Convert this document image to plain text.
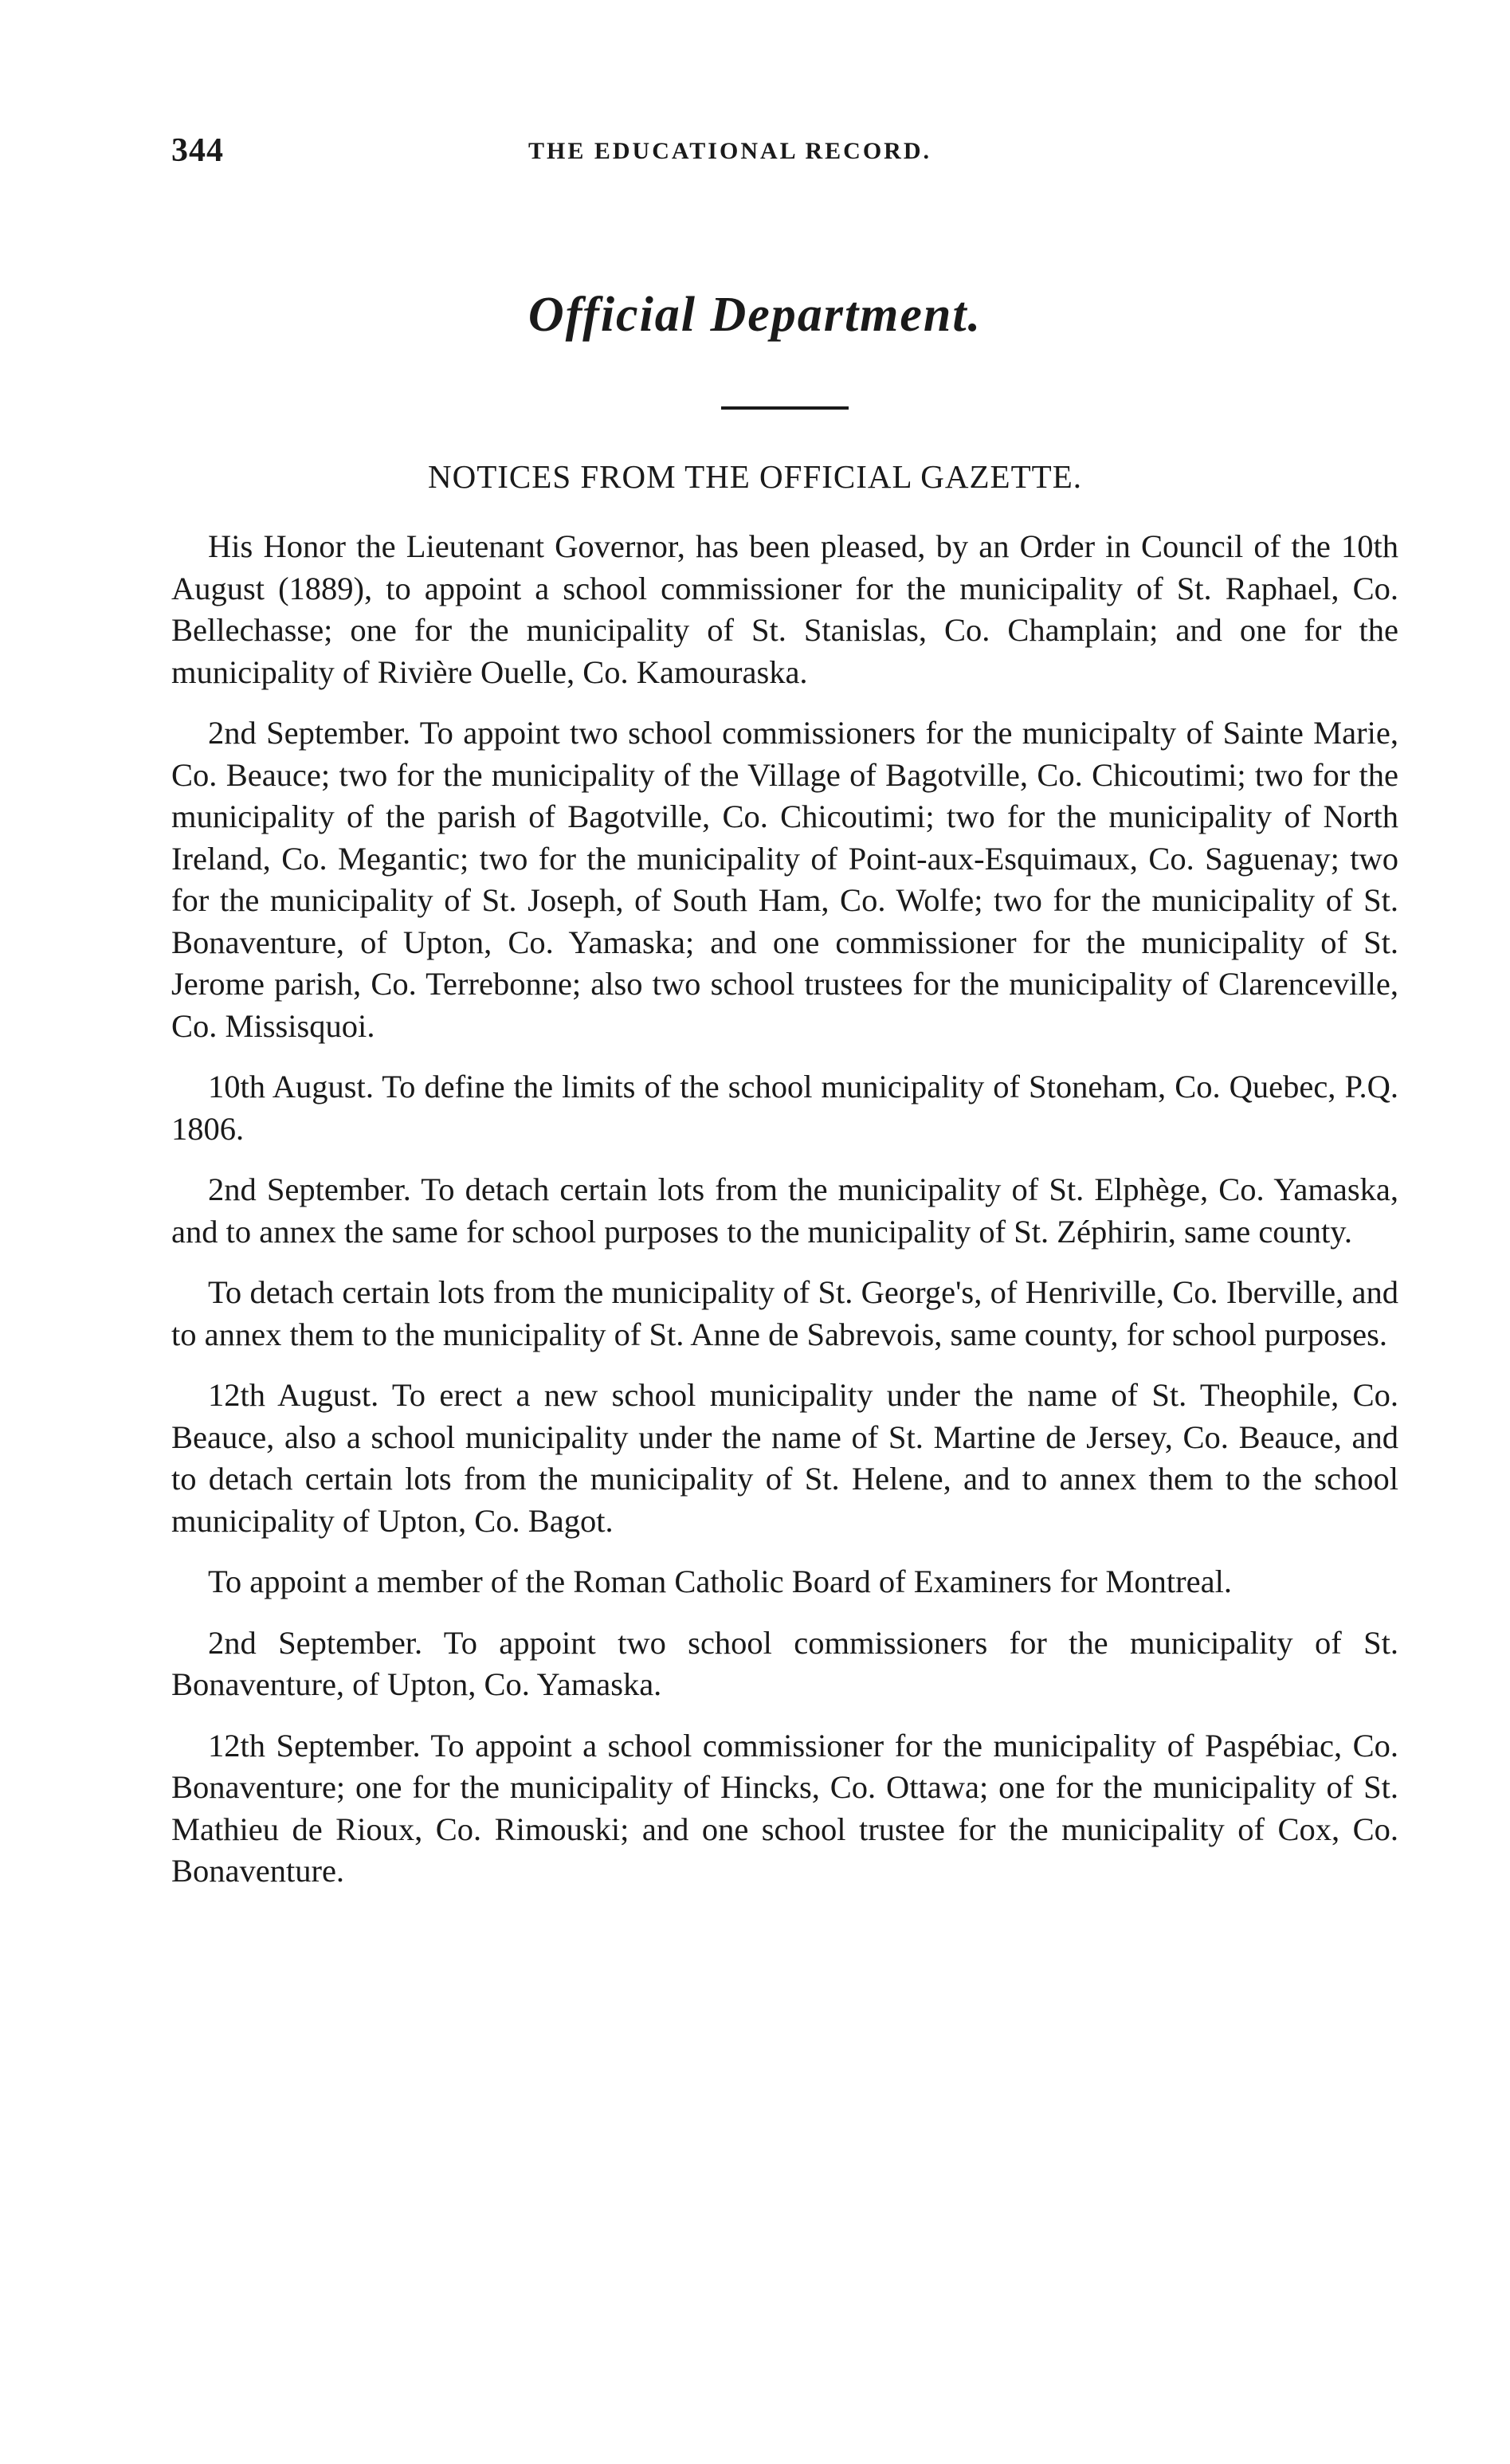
344	THE EDUCATIONAL RECORD.
Official Department.
NOTICES FROM THE OFFICIAL GAZETTE.

His Honor the Lieutenant Governor, has been pleased, by an Order in Council of the 10th August (1889), to appoint a school commissioner for the municipality of St. Raphael, Co. Bellechasse; one for the municipality of St. Stanislas, Co. Champlain; and one for the municipality of Rivière Ouelle, Co. Kamouraska.

2nd September. To appoint two school commissioners for the municipalty of Sainte Marie, Co. Beauce; two for the municipality of the Village of Bagotville, Co. Chicoutimi; two for the municipality of the parish of Bagotville, Co. Chicoutimi; two for the municipality of North Ireland, Co. Megantic; two for the municipality of Point-aux-Esquimaux, Co. Saguenay; two for the municipality of St. Joseph, of South Ham, Co. Wolfe; two for the municipality of St. Bonaventure, of Upton, Co. Yamaska; and one commissioner for the municipality of St. Jerome parish, Co. Terrebonne; also two school trustees for the municipality of Clarenceville, Co. Missisquoi.

10th August. To define the limits of the school municipality of Stoneham, Co. Quebec, P.Q. 1806.

2nd September. To detach certain lots from the municipality of St. Elphège, Co. Yamaska, and to annex the same for school purposes to the municipality of St. Zéphirin, same county.

To detach certain lots from the municipality of St. George's, of Henriville, Co. Iberville, and to annex them to the municipality of St. Anne de Sabrevois, same county, for school purposes.

12th August. To erect a new school municipality under the name of St. Theophile, Co. Beauce, also a school municipality under the name of St. Martine de Jersey, Co. Beauce, and to detach certain lots from the municipality of St. Helene, and to annex them to the school municipality of Upton, Co. Bagot.

To appoint a member of the Roman Catholic Board of Examiners for Montreal.

2nd September. To appoint two school commissioners for the municipality of St. Bonaventure, of Upton, Co. Yamaska.

12th September. To appoint a school commissioner for the municipality of Paspébiac, Co. Bonaventure; one for the municipality of Hincks, Co. Ottawa; one for the municipality of St. Mathieu de Rioux, Co. Rimouski; and one school trustee for the municipality of Cox, Co. Bonaventure.
